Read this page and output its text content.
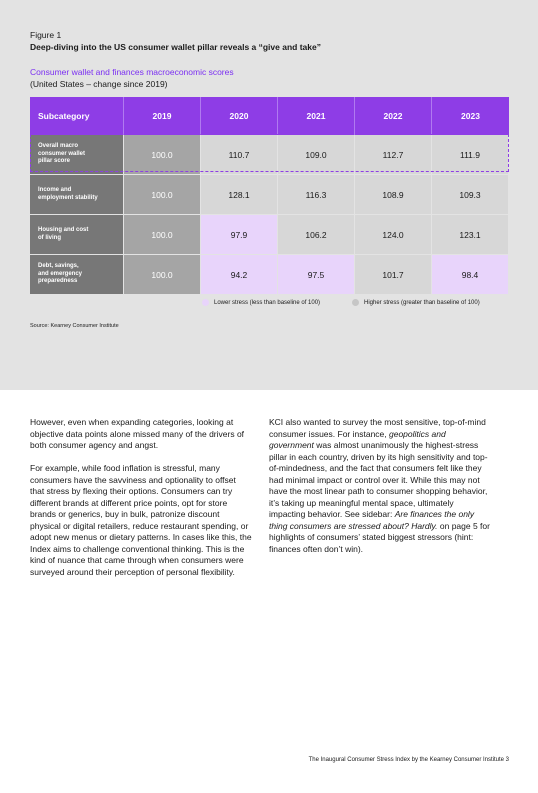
Figure 1
Deep-diving into the US consumer wallet pillar reveals a “give and take”
Consumer wallet and finances macroeconomic scores
(United States – change since 2019)
Subcategory	2019	2020	2021	2022	2023
Overall macro
consumer wallet
pillar score	100.0	110.7	109.0	112.7	111.9
Income and
employment stability	100.0	128.1	116.3	108.9	109.3
Housing and cost
of living	100.0	97.9	106.2	124.0	123.1
Debt, savings,
and emergency
preparedness	100.0	94.2	97.5	101.7	98.4
Lower stress (less than baseline of 100)	Higher stress (greater than baseline of 100)
Source: Kearney Consumer Institute

However, even when expanding categories, looking at objective data points alone missed many of the drivers of both consumer agency and angst.

For example, while food inflation is stressful, many consumers have the savviness and optionality to offset that stress by flexing their options. Consumers can try different brands at different price points, opt for store brands or generics, buy in bulk, patronize discount physical or digital retailers, reduce restaurant spending, or adopt new menus or dietary patterns. In cases like this, the Index aims to challenge conventional thinking. This is the kind of nuance that came through when consumers were surveyed around their perception of personal flexibility.

KCI also wanted to survey the most sensitive, top-of-mind consumer issues. For instance, geopolitics and government was almost unanimously the highest-stress pillar in each country, driven by its high sensitivity and top-of-mindedness, and the fact that consumers felt like they had minimal impact or control over it. While this may not have the most linear path to consumer shopping behavior, it’s taking up meaningful mental space, ultimately impacting behavior. See sidebar: Are finances the only thing consumers are stressed about? Hardly. on page 5 for highlights of consumers’ stated biggest stressors (hint: finances often don’t win).

The Inaugural Consumer Stress Index by the Kearney Consumer Institute 3
